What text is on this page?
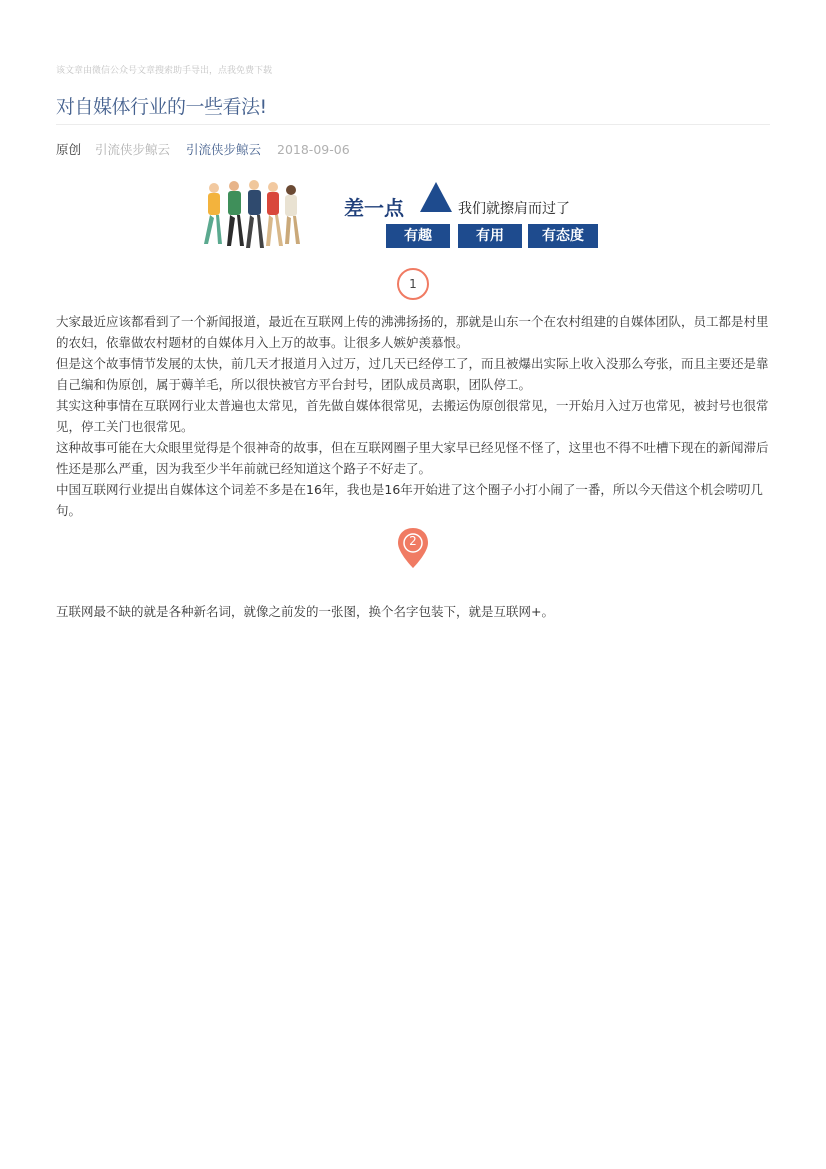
该文章由微信公众号文章搜索助手导出，点我免费下载
对自媒体行业的一些看法!
原创 引流侠步鲸云 引流侠步鲸云 2018-09-06
差一点	我们就擦肩而过了
有趣	有用	有态度
1

大家最近应该都看到了一个新闻报道，最近在互联网上传的沸沸扬扬的，那就是山东一个在农村组建的自媒体团队，员工都是村里的农妇，依靠做农村题材的自媒体月入上万的故事。让很多人嫉妒羡慕恨。

但是这个故事情节发展的太快，前几天才报道月入过万，过几天已经停工了，而且被爆出实际上收入没那么夸张，而且主要还是靠自己编和伪原创，属于薅羊毛，所以很快被官方平台封号，团队成员离职，团队停工。

其实这种事情在互联网行业太普遍也太常见，首先做自媒体很常见，去搬运伪原创很常见，一开始月入过万也常见，被封号也很常见，停工关门也很常见。

这种故事可能在大众眼里觉得是个很神奇的故事，但在互联网圈子里大家早已经见怪不怪了，这里也不得不吐槽下现在的新闻滞后性还是那么严重，因为我至少半年前就已经知道这个路子不好走了。

中国互联网行业提出自媒体这个词差不多是在16年，我也是16年开始进了这个圈子小打小闹了一番，所以今天借这个机会唠叨几句。

2

互联网最不缺的就是各种新名词，就像之前发的一张图，换个名字包装下，就是互联网+。
